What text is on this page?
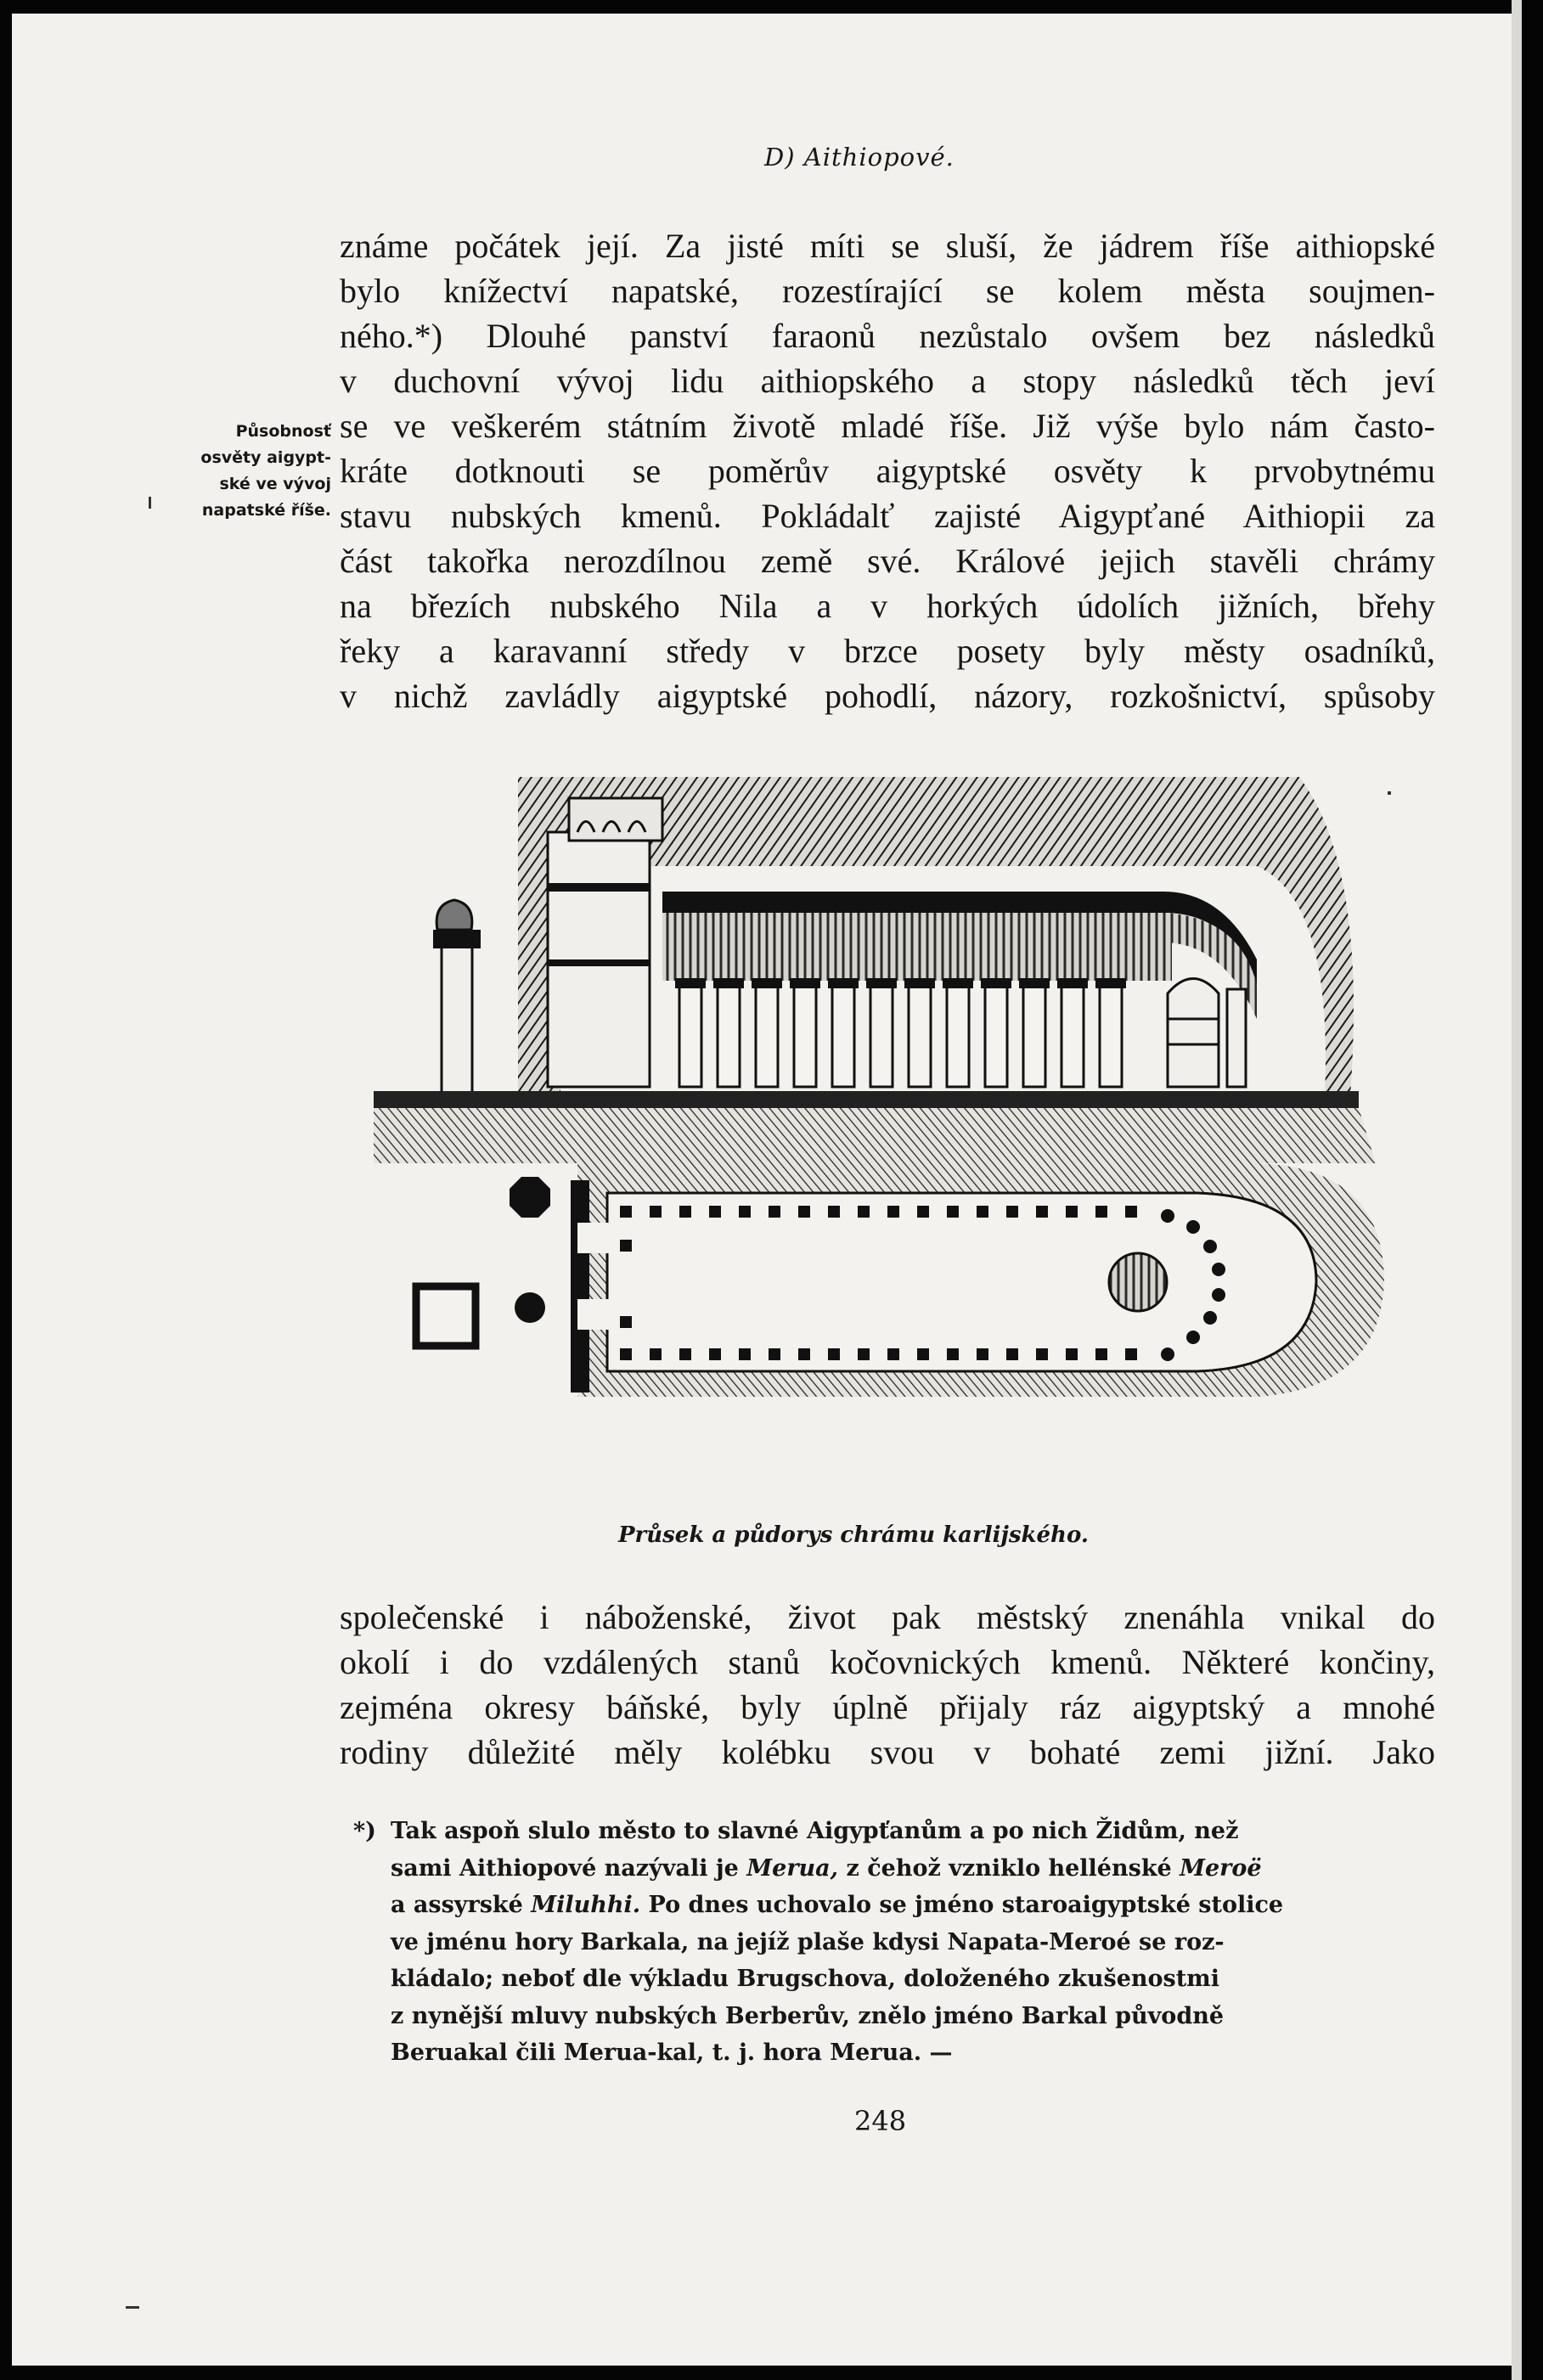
D) Aithiopové.
známe počátek její. Za jisté míti se sluší, že jádrem říše aithiopské
bylo knížectví napatské, rozestírající se kolem města soujmen-
ného.*) Dlouhé panství faraonů nezůstalo ovšem bez následků
v duchovní vývoj lidu aithiopského a stopy následků těch jeví
se ve veškerém státním životě mladé říše. Již výše bylo nám často-
kráte dotknouti se poměrův aigyptské osvěty k prvobytnému
stavu nubských kmenů. Pokládalť zajisté Aigypťané Aithiopii za
část takořka nerozdílnou země své. Králové jejich stavěli chrámy
na březích nubského Nila a v horkých údolích jižních, břehy
řeky a karavanní středy v brzce posety byly městy osadníků,
v nichž zavládly aigyptské pohodlí, názory, rozkošnictví, spůsoby
Působnosť
osvěty aigypt-
ské ve vývoj
napatské říše.
Průsek a půdorys chrámu karlijského.
společenské i náboženské, život pak městský znenáhla vnikal do
okolí i do vzdálených stanů kočovnických kmenů. Některé končiny,
zejména okresy báňské, byly úplně přijaly ráz aigyptský a mnohé
rodiny důležité měly kolébku svou v bohaté zemi jižní. Jako
*) Tak aspoň slulo město to slavné Aigypťanům a po nich Židům, než
sami Aithiopové nazývali je Merua, z čehož vzniklo hellénské Meroë
a assyrské Miluhhi. Po dnes uchovalo se jméno staroaigyptské stolice
ve jménu hory Barkala, na jejíž plaše kdysi Napata-Meroé se roz-
kládalo; neboť dle výkladu Brugschova, doloženého zkušenostmi
z nynější mluvy nubských Berberův, znělo jméno Barkal původně
Beruakal čili Merua-kal, t. j. hora Merua. —
248
